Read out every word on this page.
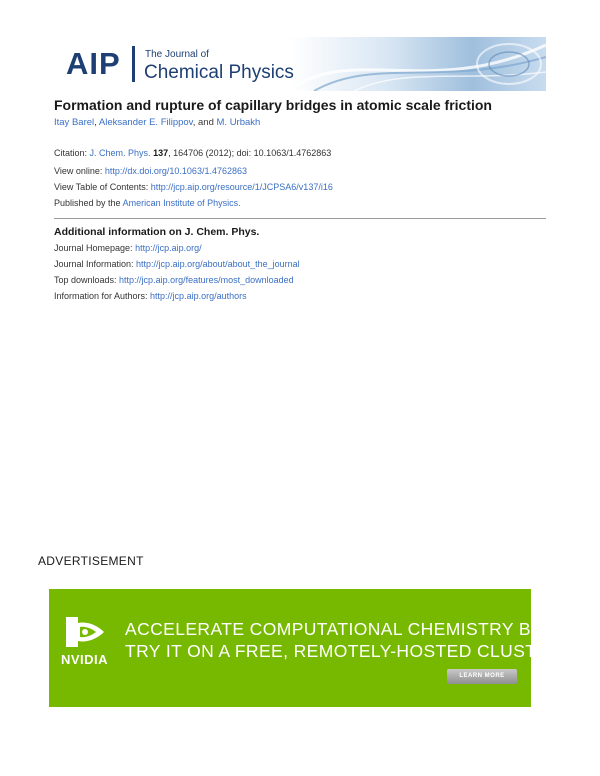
AIP The Journal of
Chemical Physics
Formation and rupture of capillary bridges in atomic scale friction
Itay Barel, Aleksander E. Filippov, and M. Urbakh
Citation: J. Chem. Phys. 137, 164706 (2012); doi: 10.1063/1.4762863
View online: http://dx.doi.org/10.1063/1.4762863
View Table of Contents: http://jcp.aip.org/resource/1/JCPSA6/v137/i16
Published by the American Institute of Physics.
Additional information on J. Chem. Phys.
Journal Homepage: http://jcp.aip.org/
Journal Information: http://jcp.aip.org/about/about_the_journal
Top downloads: http://jcp.aip.org/features/most_downloaded
Information for Authors: http://jcp.aip.org/authors
ADVERTISEMENT
NVIDIA
ACCELERATE COMPUTATIONAL CHEMISTRY BY 5X.
TRY IT ON A FREE, REMOTELY-HOSTED CLUSTER.
LEARN MORE
